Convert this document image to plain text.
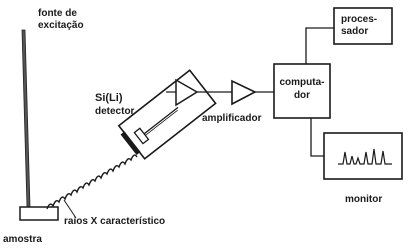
fonte de
excitação
Si(Li)
detector
amplificador
computa-
dor
proces-
sador
monitor
raios X característico
amostra
